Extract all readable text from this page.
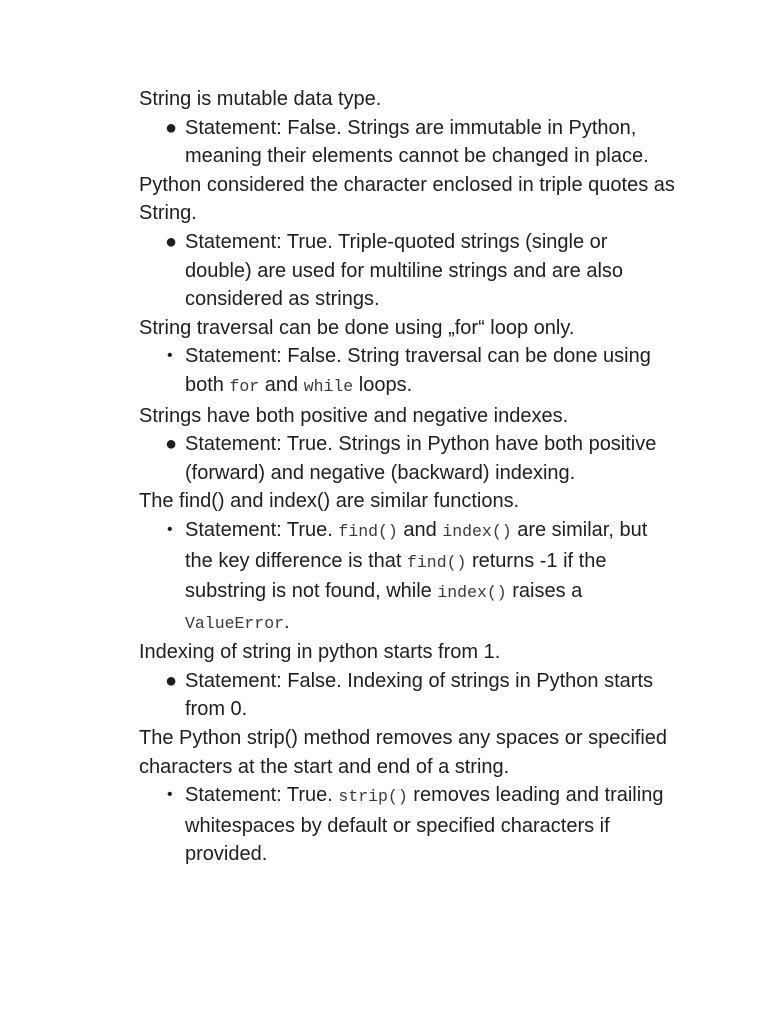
String is mutable data type.

● Statement: False. Strings are immutable in Python, meaning their elements cannot be changed in place.

Python considered the character enclosed in triple quotes as String.

● Statement: True. Triple-quoted strings (single or double) are used for multiline strings and are also considered as strings.

String traversal can be done using „for“ loop only.

• Statement: False. String traversal can be done using both for and while loops.

Strings have both positive and negative indexes.

● Statement: True. Strings in Python have both positive (forward) and negative (backward) indexing.

The find() and index() are similar functions.

• Statement: True. find() and index() are similar, but the key difference is that find() returns -1 if the substring is not found, while index() raises a ValueError.

Indexing of string in python starts from 1.

● Statement: False. Indexing of strings in Python starts from 0.

The Python strip() method removes any spaces or specified characters at the start and end of a string.

• Statement: True. strip() removes leading and trailing whitespaces by default or specified characters if provided.
